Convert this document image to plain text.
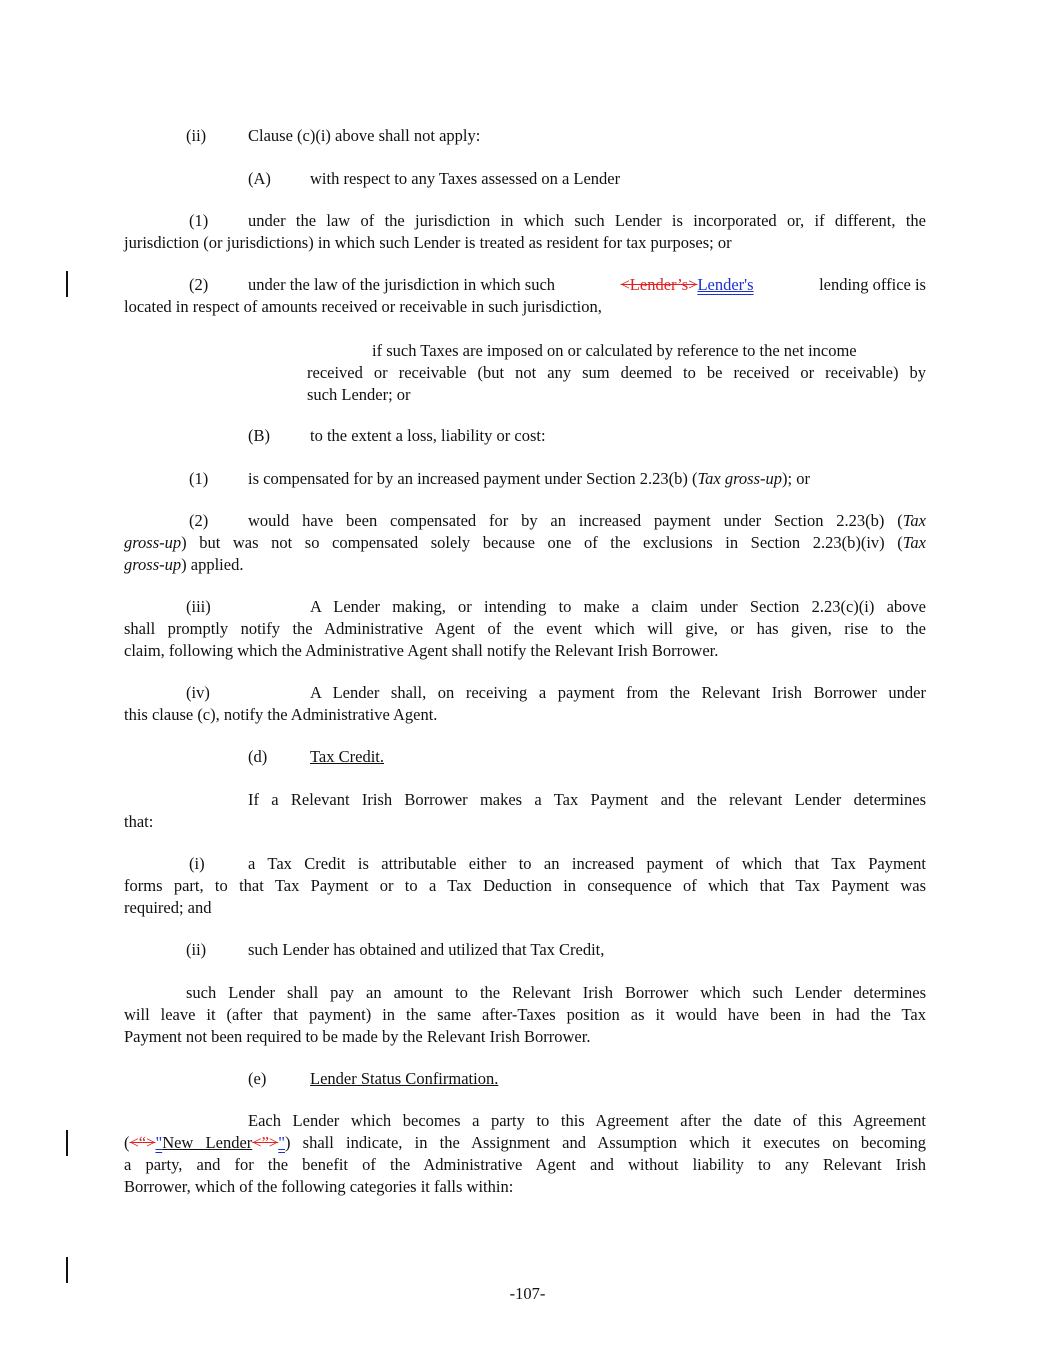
(ii)	Clause (c)(i) above shall not apply:
(A) with respect to any Taxes assessed on a Lender
(1) under the law of the jurisdiction in which such Lender is incorporated or, if different, the
jurisdiction (or jurisdictions) in which such Lender is treated as resident for tax purposes; or
(2) under the law of the jurisdiction in which such	<Lender’s>Lender's	lending office is
located in respect of amounts received or receivable in such jurisdiction,
if such Taxes are imposed on or calculated by reference to the net income
received or receivable (but not any sum deemed to be received or receivable) by
such Lender; or
(B) to the extent a loss, liability or cost:
(1) is compensated for by an increased payment under Section 2.23(b) (Tax gross-up); or
(2) would have been compensated for by an increased payment under Section 2.23(b) (Tax
gross-up) but was not so compensated solely because one of the exclusions in Section 2.23(b)(iv) (Tax
gross-up) applied.
(iii)	A Lender making, or intending to make a claim under Section 2.23(c)(i) above
shall promptly notify the Administrative Agent of the event which will give, or has given, rise to the
claim, following which the Administrative Agent shall notify the Relevant Irish Borrower.
(iv)	A Lender shall, on receiving a payment from the Relevant Irish Borrower under
this clause (c), notify the Administrative Agent.
(d)	Tax Credit.
If a Relevant Irish Borrower makes a Tax Payment and the relevant Lender determines
that:
(i)	a Tax Credit is attributable either to an increased payment of which that Tax Payment
forms part, to that Tax Payment or to a Tax Deduction in consequence of which that Tax Payment was
required; and
(ii)	such Lender has obtained and utilized that Tax Credit,
such Lender shall pay an amount to the Relevant Irish Borrower which such Lender determines
will leave it (after that payment) in the same after-Taxes position as it would have been in had the Tax
Payment not been required to be made by the Relevant Irish Borrower.
(e)	Lender Status Confirmation.
Each Lender which becomes a party to this Agreement after the date of this Agreement
(<“>"New Lender<”>") shall indicate, in the Assignment and Assumption which it executes on becoming
a party, and for the benefit of the Administrative Agent and without liability to any Relevant Irish
Borrower, which of the following categories it falls within:
-107-
